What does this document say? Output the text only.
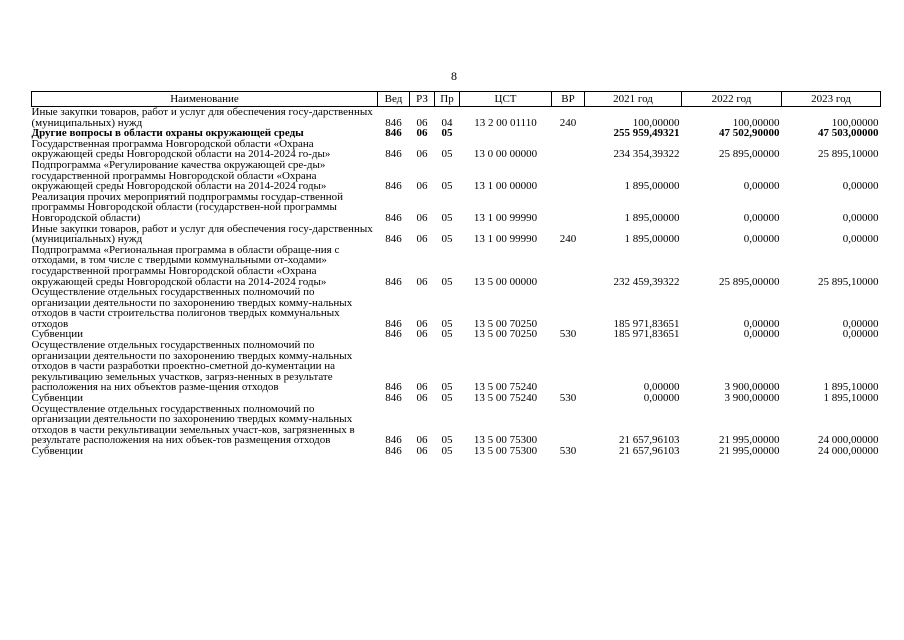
8
Наименование	Вед	РЗ	Пр	ЦСТ	ВР	2021 год	2022 год	2023 год
Иные закупки товаров, работ и услуг для обеспечения госу-дарственных (муниципальных) нужд	846	06	04	13 2 00 01110	240	100,00000	100,00000	100,00000
Другие вопросы в области охраны окружающей среды	846	06	05			255 959,49321	47 502,90000	47 503,00000
Государственная программа Новгородской области «Охрана окружающей среды Новгородской области на 2014-2024 го-ды»	846	06	05	13 0 00 00000		234 354,39322	25 895,00000	25 895,10000
Подпрограмма «Регулирование качества окружающей сре-ды» государственной программы Новгородской области «Охрана окружающей среды Новгородской области на 2014-2024 годы»	846	06	05	13 1 00 00000		1 895,00000	0,00000	0,00000
Реализация прочих мероприятий подпрограммы государ-ственной программы Новгородской области (государствен-ной программы Новгородской области)	846	06	05	13 1 00 99990		1 895,00000	0,00000	0,00000
Иные закупки товаров, работ и услуг для обеспечения госу-дарственных (муниципальных) нужд	846	06	05	13 1 00 99990	240	1 895,00000	0,00000	0,00000
Подпрограмма «Региональная программа в области обраще-ния с отходами, в том числе с твердыми коммунальными от-ходами» государственной программы Новгородской области «Охрана окружающей среды Новгородской области на 2014-2024 годы»	846	06	05	13 5 00 00000		232 459,39322	25 895,00000	25 895,10000
Осуществление отдельных государственных полномочий по организации деятельности по захоронению твердых комму-нальных отходов в части строительства полигонов твердых коммунальных отходов	846	06	05	13 5 00 70250		185 971,83651	0,00000	0,00000
Субвенции	846	06	05	13 5 00 70250	530	185 971,83651	0,00000	0,00000
Осуществление отдельных государственных полномочий по организации деятельности по захоронению твердых комму-нальных отходов в части разработки проектно-сметной до-кументации на рекультивацию земельных участков, загряз-ненных в результате расположения на них объектов разме-щения отходов	846	06	05	13 5 00 75240		0,00000	3 900,00000	1 895,10000
Субвенции	846	06	05	13 5 00 75240	530	0,00000	3 900,00000	1 895,10000
Осуществление отдельных государственных полномочий по организации деятельности по захоронению твердых комму-нальных отходов в части рекультивации земельных участ-ков, загрязненных в результате расположения на них объек-тов размещения отходов	846	06	05	13 5 00 75300		21 657,96103	21 995,00000	24 000,00000
Субвенции	846	06	05	13 5 00 75300	530	21 657,96103	21 995,00000	24 000,00000
